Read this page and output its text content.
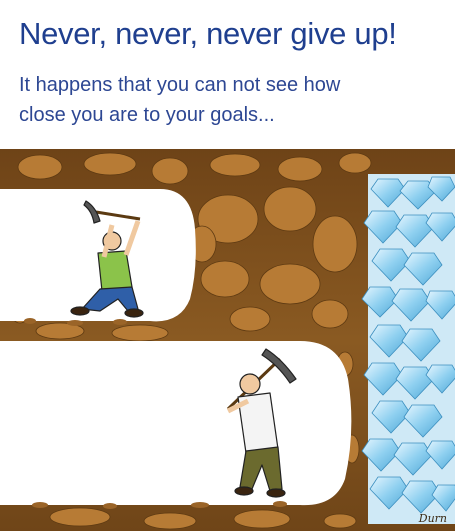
Never, never, never give up!

It happens that you can not see how
close you are to your goals...

Durn
